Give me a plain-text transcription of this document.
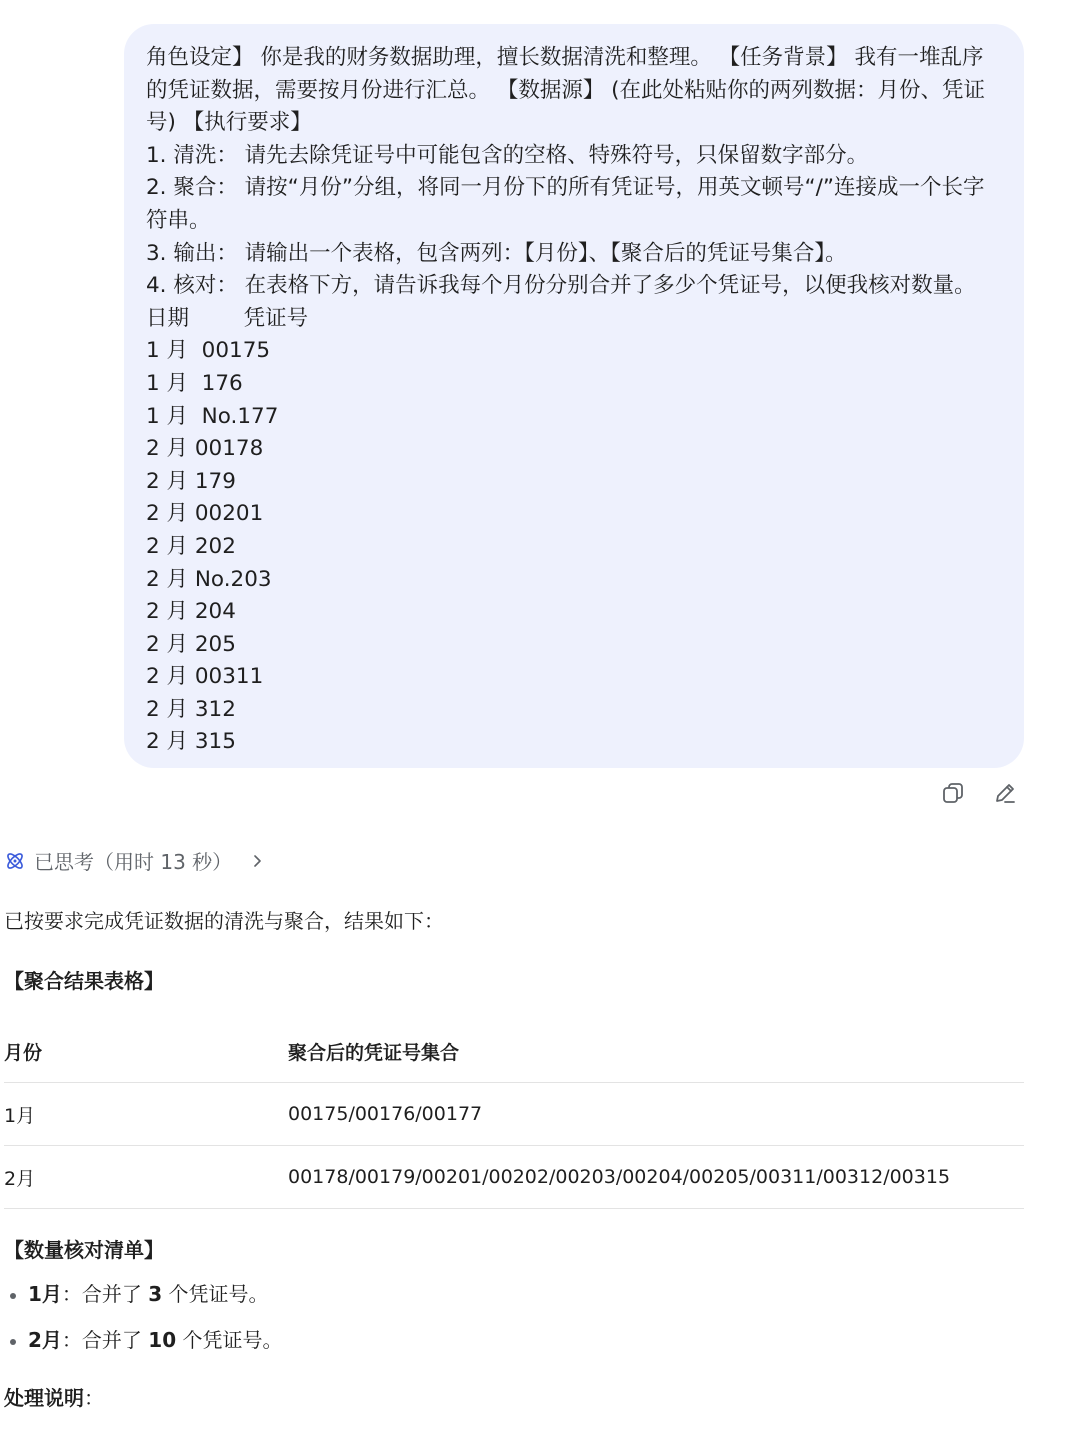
角色设定】 你是我的财务数据助理，擅长数据清洗和整理。 【任务背景】 我有一堆乱序
的凭证数据，需要按月份进行汇总。 【数据源】 (在此处粘贴你的两列数据：月份、凭证
号) 【执行要求】
1. 清洗： 请先去除凭证号中可能包含的空格、特殊符号，只保留数字部分。
2. 聚合： 请按“月份”分组，将同一月份下的所有凭证号，用英文顿号“/”连接成一个长字
符串。
3. 输出： 请输出一个表格，包含两列：【月份】、【聚合后的凭证号集合】。
4. 核对： 在表格下方，请告诉我每个月份分别合并了多少个凭证号，以便我核对数量。
日期        凭证号
1 月  00175
1 月  176
1 月  No.177
2 月 00178
2 月 179
2 月 00201
2 月 202
2 月 No.203
2 月 204
2 月 205
2 月 00311
2 月 312
2 月 315
已思考（用时 13 秒）
已按要求完成凭证数据的清洗与聚合，结果如下：
【聚合结果表格】
月份	聚合后的凭证号集合
1月	00175/00176/00177
2月	00178/00179/00201/00202/00203/00204/00205/00311/00312/00315
【数量核对清单】
1月：合并了 3 个凭证号。
2月：合并了 10 个凭证号。
处理说明：
